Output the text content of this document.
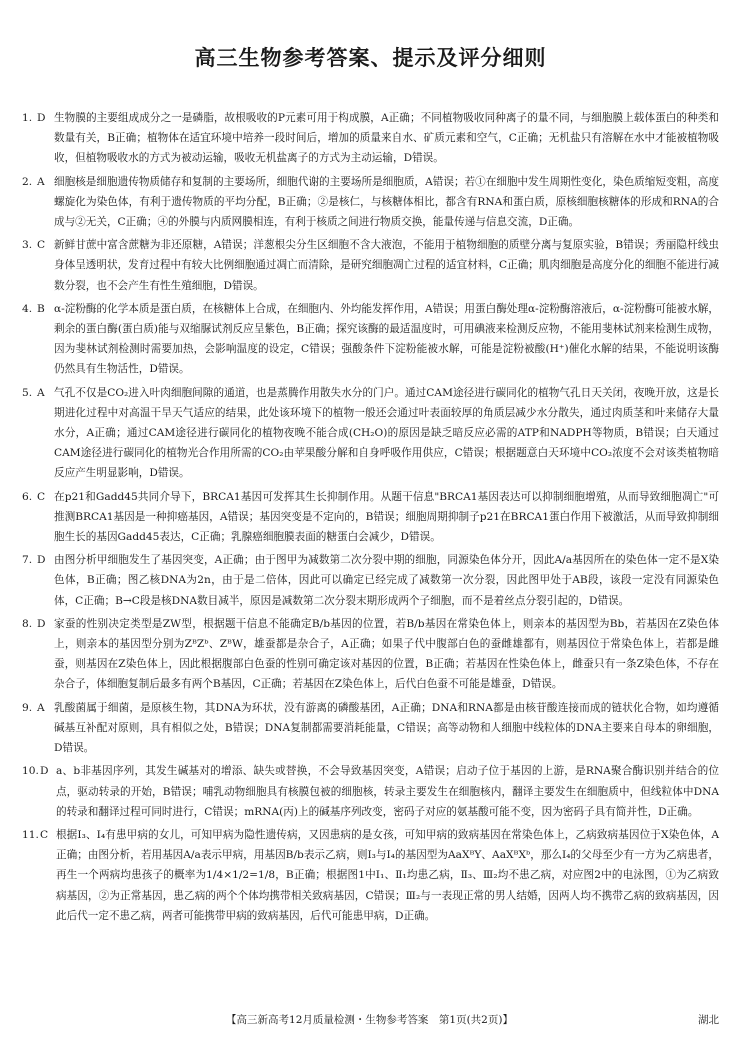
高三生物参考答案、提示及评分细则

1. D 生物膜的主要组成成分之一是磷脂，故根吸收的P元素可用于构成膜，A正确；不同植物吸收同种离子的量不同，与细胞膜上载体蛋白的种类和数量有关，B正确；植物体在适宜环境中培养一段时间后，增加的质量来自水、矿质元素和空气，C正确；无机盐只有溶解在水中才能被植物吸收，但植物吸收水的方式为被动运输，吸收无机盐离子的方式为主动运输，D错误。

2. A 细胞核是细胞遗传物质储存和复制的主要场所，细胞代谢的主要场所是细胞质，A错误；若①在细胞中发生周期性变化，染色质缩短变粗，高度螺旋化为染色体，有利于遗传物质的平均分配，B正确；②是核仁，与核糖体相比，都含有RNA和蛋白质，原核细胞核糖体的形成和RNA的合成与②无关，C正确；④的外膜与内质网膜相连，有利于核质之间进行物质交换，能量传递与信息交流，D正确。

3. C 新鲜甘蔗中富含蔗糖为非还原糖，A错误；洋葱根尖分生区细胞不含大液泡，不能用于植物细胞的质壁分离与复原实验，B错误；秀丽隐杆线虫身体呈透明状，发育过程中有较大比例细胞通过凋亡而清除，是研究细胞凋亡过程的适宜材料，C正确；肌肉细胞是高度分化的细胞不能进行减数分裂，也不会产生有性生殖细胞，D错误。

4. B α-淀粉酶的化学本质是蛋白质，在核糖体上合成，在细胞内、外均能发挥作用，A错误；用蛋白酶处理α-淀粉酶溶液后，α-淀粉酶可能被水解，剩余的蛋白酶(蛋白质)能与双缩脲试剂反应呈紫色，B正确；探究该酶的最适温度时，可用碘液来检测反应物，不能用斐林试剂来检测生成物，因为斐林试剂检测时需要加热，会影响温度的设定，C错误；强酸条件下淀粉能被水解，可能是淀粉被酸(H⁺)催化水解的结果，不能说明该酶仍然具有生物活性，D错误。

5. A 气孔不仅是CO₂进入叶肉细胞间隙的通道，也是蒸腾作用散失水分的门户。通过CAM途径进行碳同化的植物气孔日天关闭，夜晚开放，这是长期进化过程中对高温干旱天气适应的结果，此处该环境下的植物一般还会通过叶表面较厚的角质层减少水分散失，通过肉质茎和叶来储存大量水分，A正确；通过CAM途径进行碳同化的植物夜晚不能合成(CH₂O)的原因是缺乏暗反应必需的ATP和NADPH等物质，B错误；白天通过CAM途径进行碳同化的植物光合作用所需的CO₂由苹果酸分解和自身呼吸作用供应，C错误；根据题意白天环境中CO₂浓度不会对该类植物暗反应产生明显影响，D错误。

6. C 在p21和Gadd45共同介导下，BRCA1基因可发挥其生长抑制作用。从题干信息"BRCA1基因表达可以抑制细胞增殖，从而导致细胞凋亡"可推测BRCA1基因是一种抑癌基因，A错误；基因突变是不定向的，B错误；细胞周期抑制子p21在BRCA1蛋白作用下被激活，从而导致抑制细胞生长的基因Gadd45表达，C正确；乳腺癌细胞膜表面的糖蛋白会减少，D错误。

7. D 由图分析甲细胞发生了基因突变，A正确；由于图甲为减数第二次分裂中期的细胞，同源染色体分开，因此A/a基因所在的染色体一定不是X染色体，B正确；图乙核DNA为2n，由于是二倍体，因此可以确定已经完成了减数第一次分裂，因此图甲处于AB段，该段一定没有同源染色体，C正确；B→C段是核DNA数目减半，原因是减数第二次分裂末期形成两个子细胞，而不是着丝点分裂引起的，D错误。

8. D 家蚕的性别决定类型是ZW型，根据题干信息不能确定B/b基因的位置，若B/b基因在常染色体上，则亲本的基因型为Bb，若基因在Z染色体上，则亲本的基因型分别为ZᴮZᵇ、ZᴮW，雄蚕都是杂合子，A正确；如果子代中腹部白色的蚕雌雄都有，则基因位于常染色体上，若都是雌蚕，则基因在Z染色体上，因此根据腹部白色蚕的性别可确定该对基因的位置，B正确；若基因在性染色体上，雌蚕只有一条Z染色体，不存在杂合子，体细胞复制后最多有两个B基因，C正确；若基因在Z染色体上，后代白色蚕不可能是雄蚕，D错误。

9. A 乳酸菌属于细菌，是原核生物，其DNA为环状，没有游离的磷酸基团，A正确；DNA和RNA都是由核苷酸连接而成的链状化合物，如均遵循碱基互补配对原则，具有相似之处，B错误；DNA复制都需要消耗能量，C错误；高等动物和人细胞中线粒体的DNA主要来自母本的卵细胞，D错误。

10. D a、b非基因序列，其发生碱基对的增添、缺失或替换，不会导致基因突变，A错误；启动子位于基因的上游，是RNA聚合酶识别并结合的位点，驱动转录的开始，B错误；哺乳动物细胞具有核膜包被的细胞核，转录主要发生在细胞核内，翻译主要发生在细胞质中，但线粒体中DNA的转录和翻译过程可同时进行，C错误；mRNA(丙)上的碱基序列改变，密码子对应的氨基酸可能不变，因为密码子具有简并性，D正确。

11. C 根据Ⅰ₃、Ⅰ₄有患甲病的女儿，可知甲病为隐性遗传病，又因患病的是女孩，可知甲病的致病基因在常染色体上，乙病致病基因位于X染色体，A正确；由图分析，若用基因A/a表示甲病，用基因B/b表示乙病，则Ⅰ₃与Ⅰ₄的基因型为AaXᴮY、AaXᴮXᵇ，那么Ⅰ₄的父母至少有一方为乙病患者，再生一个两病均患孩子的概率为1/4×1/2=1/8，B正确；根据图1中Ⅰ₁、Ⅱ₁均患乙病，Ⅱ₃、Ⅲ₂均不患乙病，对应图2中的电泳图，①为乙病致病基因，②为正常基因，患乙病的两个个体均携带相关致病基因，C错误；Ⅲ₂与一表现正常的男人结婚，因两人均不携带乙病的致病基因，因此后代一定不患乙病，两者可能携带甲病的致病基因，后代可能患甲病，D正确。

【高三新高考12月质量检测・生物参考答案　第1页(共2页)】	湖北
